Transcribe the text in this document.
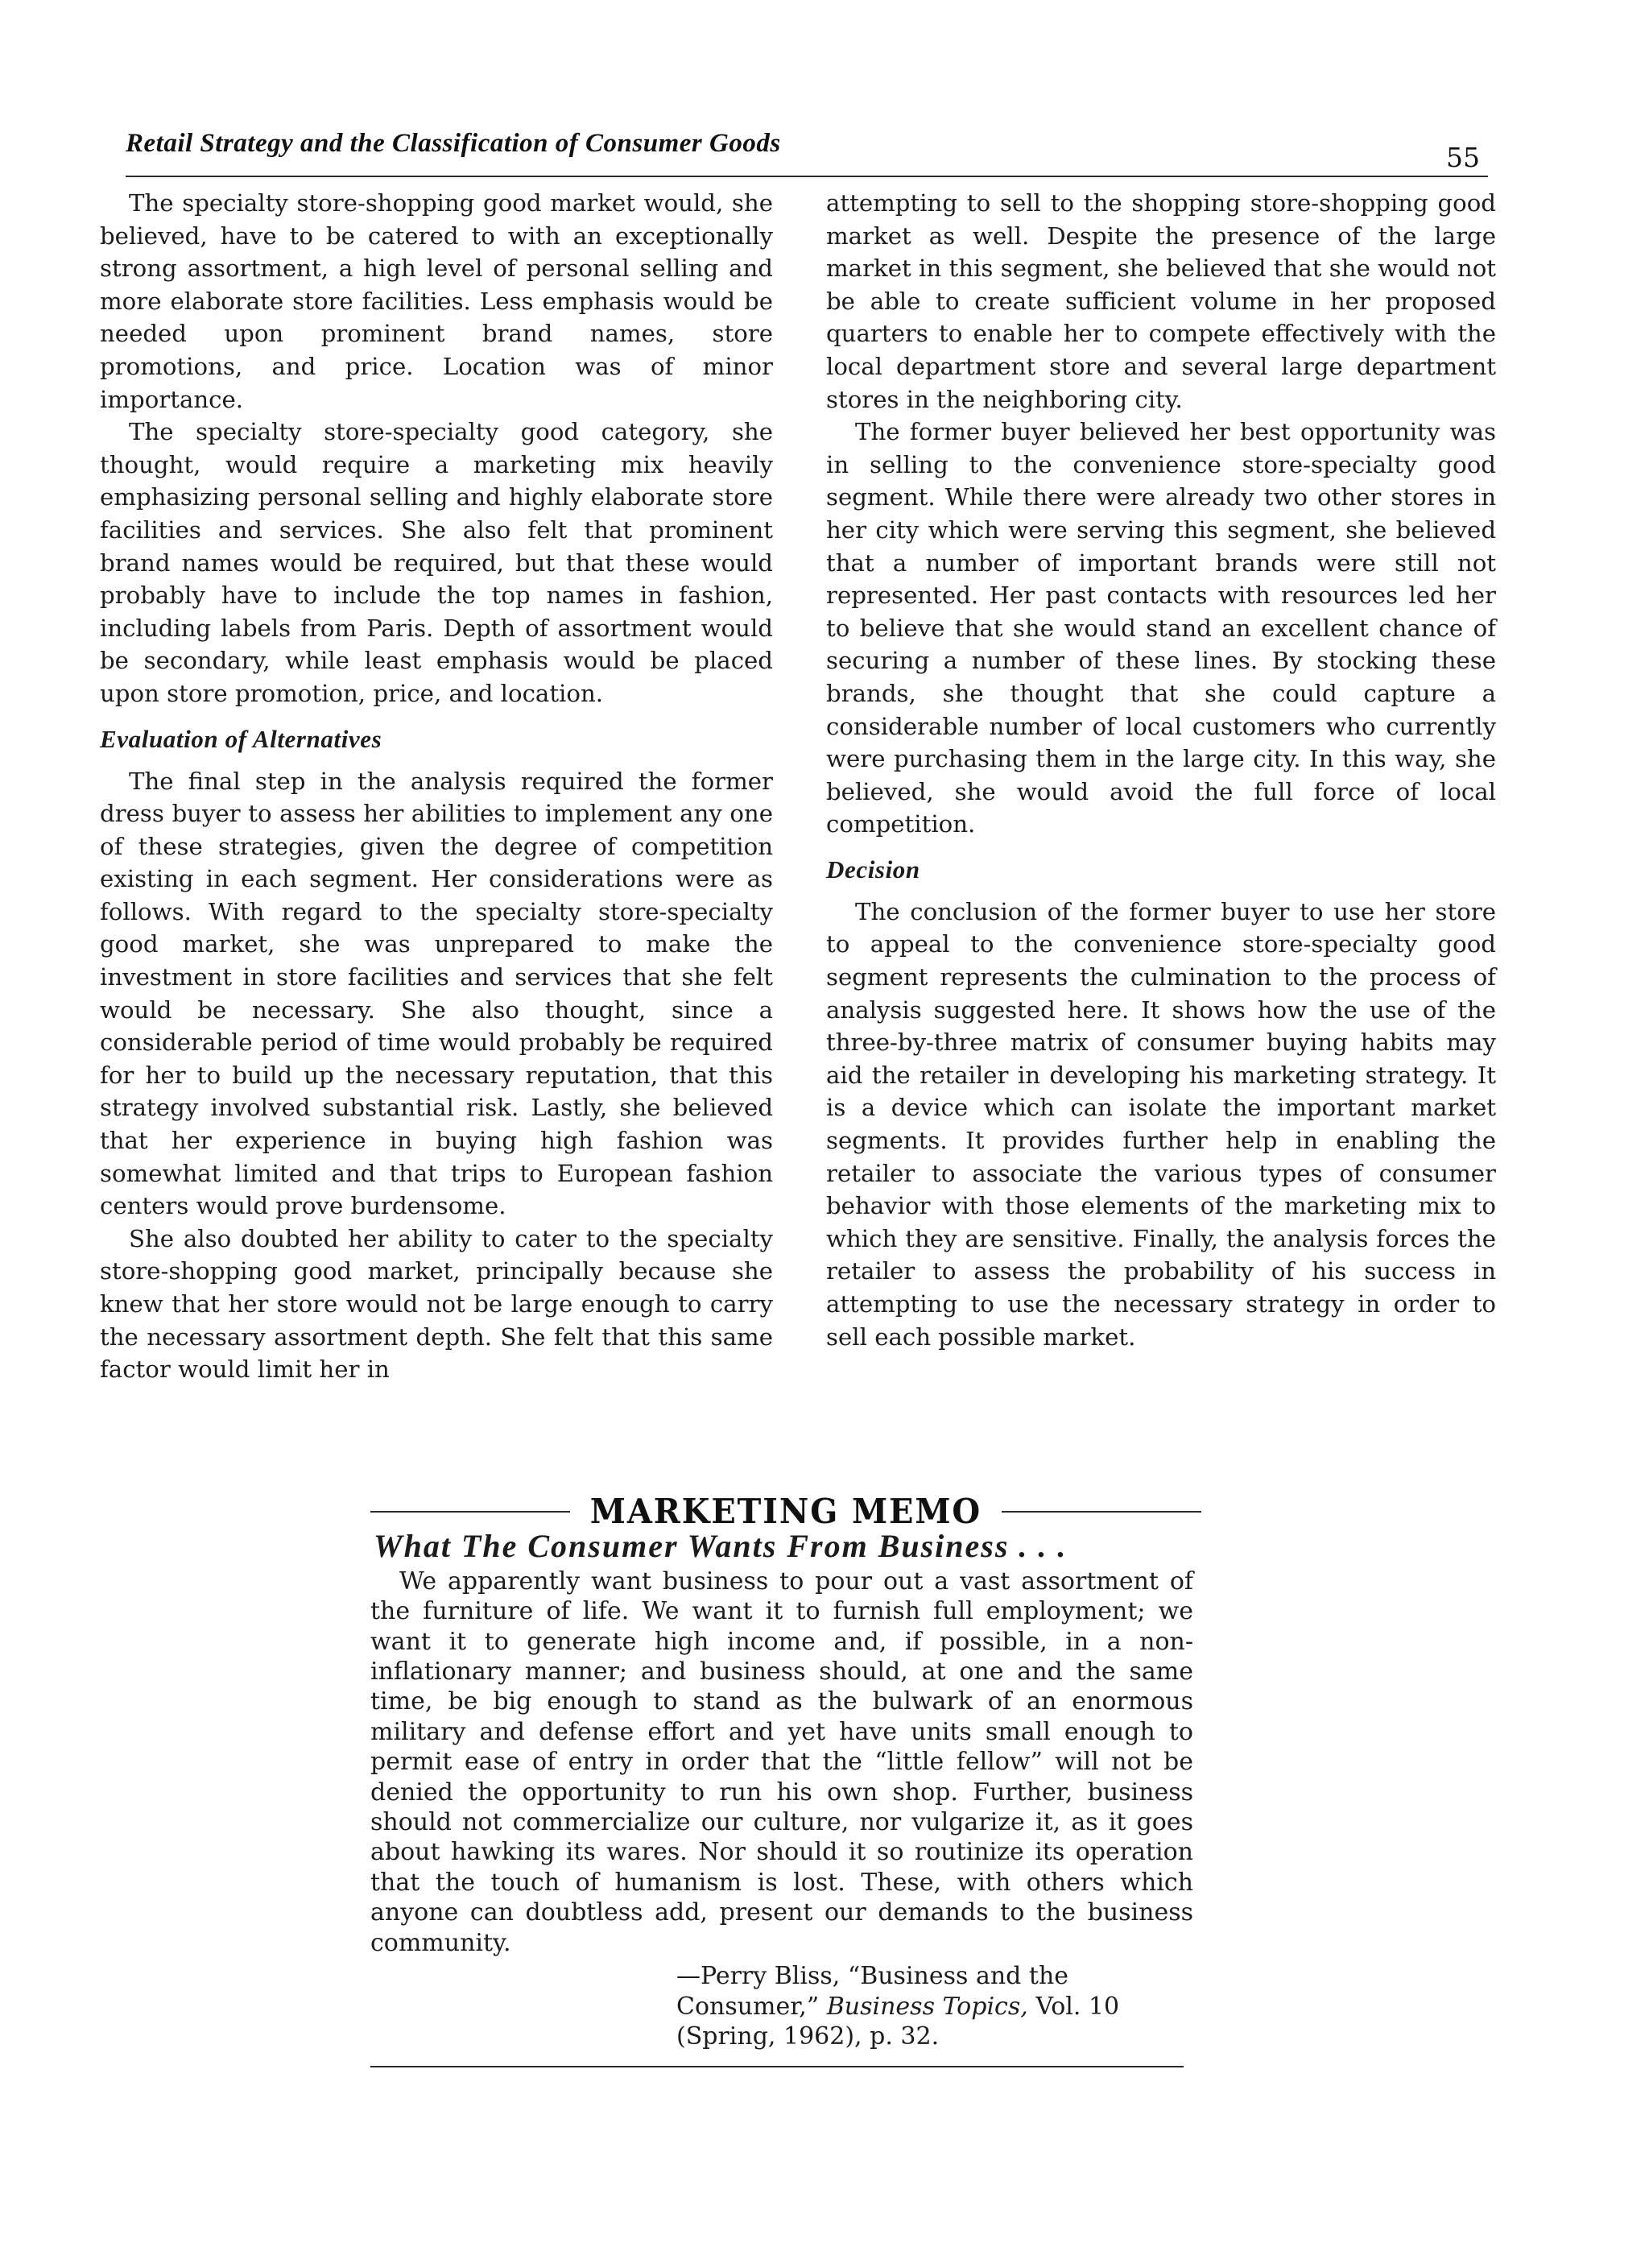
Retail Strategy and the Classification of Consumer Goods	55

The specialty store-shopping good market would, she believed, have to be catered to with an exceptionally strong assortment, a high level of personal selling and more elaborate store facilities. Less emphasis would be needed upon prominent brand names, store promotions, and price. Location was of minor importance.

The specialty store-specialty good category, she thought, would require a marketing mix heavily emphasizing personal selling and highly elaborate store facilities and services. She also felt that prominent brand names would be required, but that these would probably have to include the top names in fashion, including labels from Paris. Depth of assortment would be secondary, while least emphasis would be placed upon store promotion, price, and location.

Evaluation of Alternatives

The final step in the analysis required the former dress buyer to assess her abilities to implement any one of these strategies, given the degree of competition existing in each segment. Her considerations were as follows. With regard to the specialty store-specialty good market, she was unprepared to make the investment in store facilities and services that she felt would be necessary. She also thought, since a considerable period of time would probably be required for her to build up the necessary reputation, that this strategy involved substantial risk. Lastly, she believed that her experience in buying high fashion was somewhat limited and that trips to European fashion centers would prove burdensome.

She also doubted her ability to cater to the specialty store-shopping good market, principally because she knew that her store would not be large enough to carry the necessary assortment depth. She felt that this same factor would limit her in

attempting to sell to the shopping store-shopping good market as well. Despite the presence of the large market in this segment, she believed that she would not be able to create sufficient volume in her proposed quarters to enable her to compete effectively with the local department store and several large department stores in the neighboring city.

The former buyer believed her best opportunity was in selling to the convenience store-specialty good segment. While there were already two other stores in her city which were serving this segment, she believed that a number of important brands were still not represented. Her past contacts with resources led her to believe that she would stand an excellent chance of securing a number of these lines. By stocking these brands, she thought that she could capture a considerable number of local customers who currently were purchasing them in the large city. In this way, she believed, she would avoid the full force of local competition.

Decision

The conclusion of the former buyer to use her store to appeal to the convenience store-specialty good segment represents the culmination to the process of analysis suggested here. It shows how the use of the three-by-three matrix of consumer buying habits may aid the retailer in developing his marketing strategy. It is a device which can isolate the important market segments. It provides further help in enabling the retailer to associate the various types of consumer behavior with those elements of the marketing mix to which they are sensitive. Finally, the analysis forces the retailer to assess the probability of his success in attempting to use the necessary strategy in order to sell each possible market.

MARKETING MEMO
What The Consumer Wants From Business . . .

We apparently want business to pour out a vast assortment of the furniture of life. We want it to furnish full employment; we want it to generate high income and, if possible, in a non-inflationary manner; and business should, at one and the same time, be big enough to stand as the bulwark of an enormous military and defense effort and yet have units small enough to permit ease of entry in order that the “little fellow” will not be denied the opportunity to run his own shop. Further, business should not commercialize our culture, nor vulgarize it, as it goes about hawking its wares. Nor should it so routinize its operation that the touch of humanism is lost. These, with others which anyone can doubtless add, present our demands to the business community.

—Perry Bliss, “Business and the Consumer,” Business Topics, Vol. 10 (Spring, 1962), p. 32.
